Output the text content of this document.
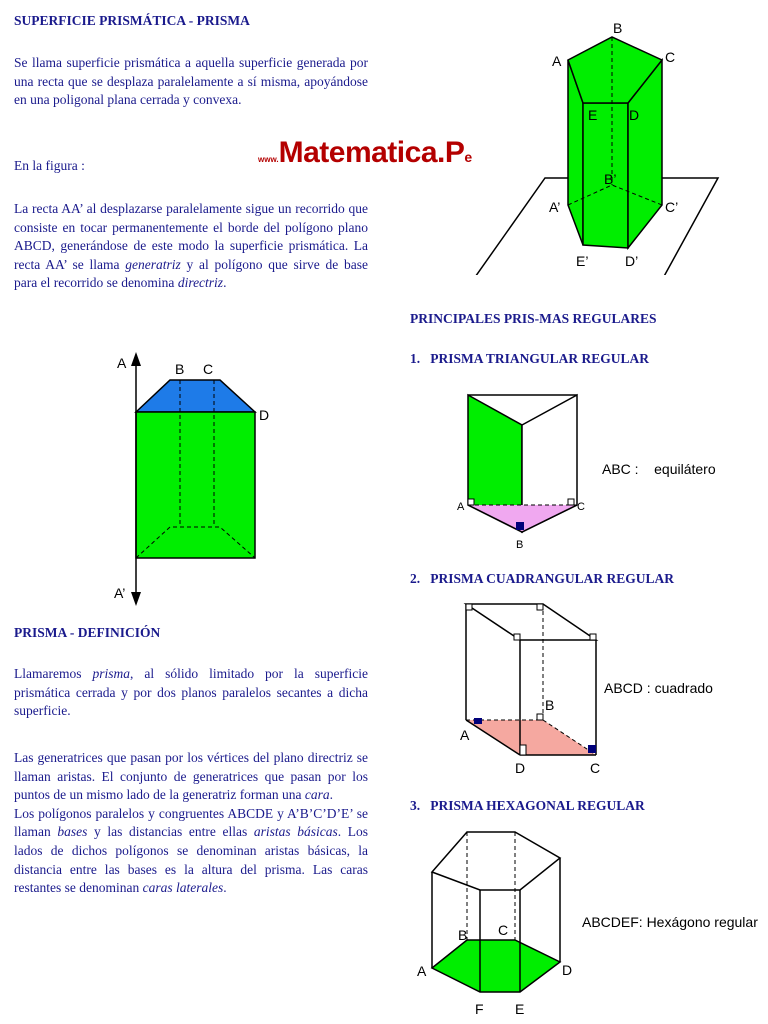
SUPERFICIE PRISMÁTICA - PRISMA
Se llama superficie prismática a aquella superficie generada por una recta que se desplaza paralelamente a sí misma, apoyándose en una poligonal plana cerrada y convexa.
En la figura :
La recta AA’ al desplazarse paralelamente sigue un recorrido que consiste en tocar permanentemente el borde del polígono plano ABCD, generándose de este modo la superficie prismática. La recta AA’ se llama generatriz y al polígono que sirve de base para el recorrido se denomina directriz.
www.Matematica.Pe
PRISMA - DEFINICIÓN
Llamaremos prisma, al sólido limitado por la superficie prismática cerrada y por dos planos paralelos secantes a dicha superficie.
Las generatrices que pasan por los vértices del plano directriz se llaman aristas. El conjunto de generatrices que pasan por los puntos de un mismo lado de la generatriz forman una cara.
Los polígonos paralelos y congruentes ABCDE y A’B’C’D’E’ se llaman bases y las distancias entre ellas aristas básicas. Los lados de dichos polígonos se denominan aristas básicas, la distancia entre las bases es la altura del prisma. Las caras restantes se denominan caras laterales.
A
B
C
E D
B’
A’	C’
E’	D’
A	B C
D
A’
PRINCIPALES PRIS-MAS REGULARES
1.   PRISMA TRIANGULAR REGULAR
2.   PRISMA CUADRANGULAR REGULAR
3.   PRISMA HEXAGONAL REGULAR
A	C
B
ABC :    equilátero
A
B
D	C
ABCD : cuadrado
A
B C
D
F E
ABCDEF: Hexágono regular
